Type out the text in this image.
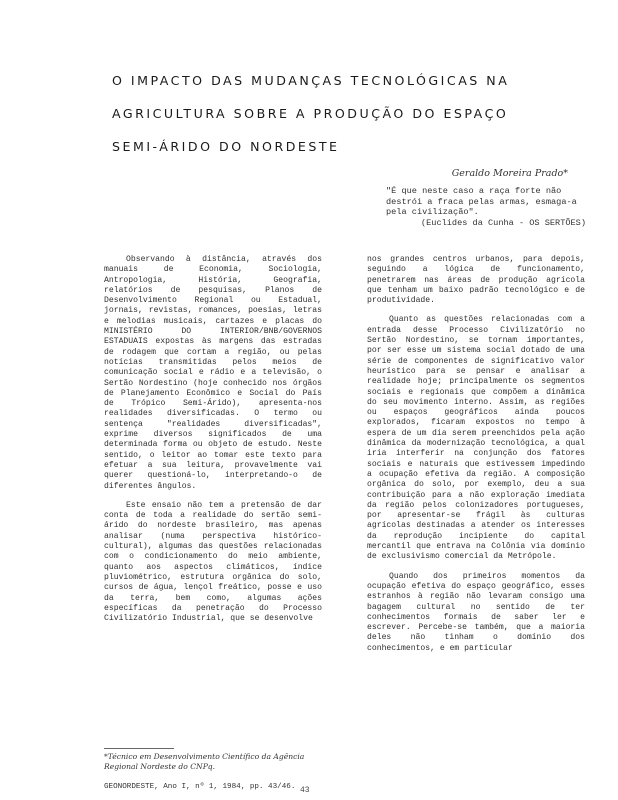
O IMPACTO DAS MUDANÇAS TECNOLÓGICAS NA
AGRICULTURA SOBRE A PRODUÇÃO DO ESPAÇO
SEMI-ÁRIDO DO NORDESTE
Geraldo Moreira Prado*

"É que neste caso a raça forte não destrói a fraca pelas armas, esmaga-a pela civilização".

(Euclides da Cunha - OS SERTÕES)

Observando à distância, através dos manuais de Economia, Sociologia, Antropologia, História, Geografia, relatórios de pesquisas, Planos de Desenvolvimento Regional ou Estadual, jornais, revistas, romances, poesias, letras e melodias musicais, cartazes e placas do MINISTÉRIO DO INTERIOR/BNB/GOVERNOS ESTADUAIS expostas às margens das estradas de rodagem que cortam a região, ou pelas notícias transmitidas pelos meios de comunicação social e rádio e a televisão, o Sertão Nordestino (hoje conhecido nos órgãos de Planejamento Econômico e Social do País de Trópico Semi-Árido), apresenta-nos realidades diversificadas. O termo ou sentença "realidades diversificadas", exprime diversos significados de uma determinada forma ou objeto de estudo. Neste sentido, o leitor ao tomar este texto para efetuar a sua leitura, provavelmente vai querer questioná-lo, interpretando-o de diferentes ângulos.

Este ensaio não tem a pretensão de dar conta de toda a realidade do sertão semi-árido do nordeste brasileiro, mas apenas analisar (numa perspectiva histórico-cultural), algumas das questões relacionadas com o condicionamento do meio ambiente, quanto aos aspectos climáticos, índice pluviométrico, estrutura orgânica do solo, cursos de água, lençol freático, posse e uso da terra, bem como, algumas ações específicas da penetração do Processo Civilizatório Industrial, que se desenvolve

nos grandes centros urbanos, para depois, seguindo a lógica de funcionamento, penetrarem nas áreas de produção agrícola que tenham um baixo padrão tecnológico e de produtividade.

Quanto as questões relacionadas com a entrada desse Processo Civilizatório no Sertão Nordestino, se tornam importantes, por ser esse um sistema social dotado de uma série de componentes de significativo valor heurístico para se pensar e analisar a realidade hoje; principalmente os segmentos sociais e regionais que compõem a dinâmica do seu movimento interno. Assim, as regiões ou espaços geográficos ainda poucos explorados, ficaram expostos no tempo à espera de um dia serem preenchidos pela ação dinâmica da modernização tecnológica, a qual iria interferir na conjunção dos fatores sociais e naturais que estivessem impedindo a ocupação efetiva da região. A composição orgânica do solo, por exemplo, deu a sua contribuição para a não exploração imediata da região pelos colonizadores portugueses, por apresentar-se frágil às culturas agrícolas destinadas a atender os interesses da reprodução incipiente do capital mercantil que entrava na Colônia via domínio de exclusivismo comercial da Metrópole.

Quando dos primeiros momentos da ocupação efetiva do espaço geográfico, esses estranhos à região não levaram consigo uma bagagem cultural no sentido de ter conhecimentos formais de saber ler e escrever. Percebe-se também, que a maioria deles não tinham o domínio dos conhecimentos, e em particular

*Técnico em Desenvolvimento Científico da Agência Regional Nordeste do CNPq.
GEONORDESTE, Ano I, nº 1, 1984, pp. 43/46. 43
